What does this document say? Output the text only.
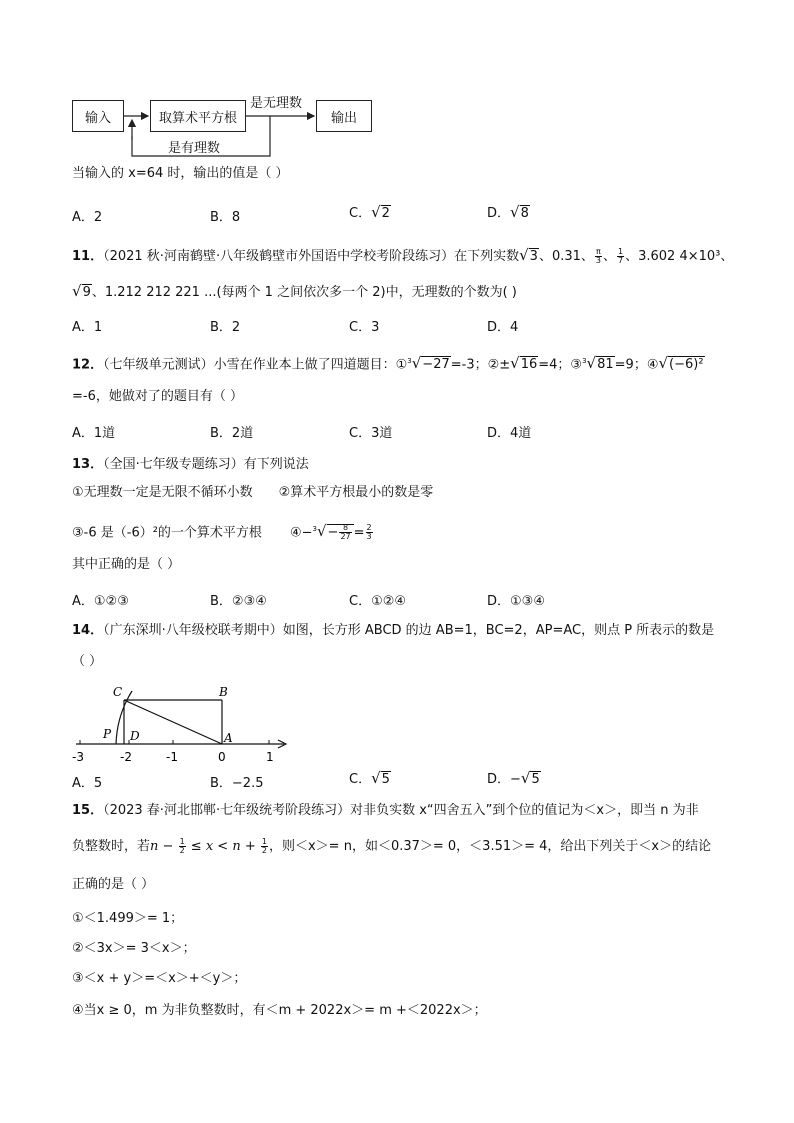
输入	取算术平方根	输出
是无理数
是有理数
当输入的 x=64 时，输出的值是（ ）
A．2	B．8	C．√2	D．√8
11．（2021 秋·河南鹤壁·八年级鹤壁市外国语中学校考阶段练习）在下列实数√3、0.31、 $\frac{\pi}{3}$ 、 $\frac{1}{7}$ 、3.602 4×10³、
√9、1.212 212 221 ...(每两个 1 之间依次多一个 2)中，无理数的个数为( )
A．1	B．2	C．3	D．4
12．（七年级单元测试）小雪在作业本上做了四道题目：①$^3$√−27=-3；②±√16=4；③$^3$√81=9；④√(−6)²
=-6，她做对了的题目有（ ）
A．1道	B．2道	C．3道	D．4道
13．（全国·七年级专题练习）有下列说法
①无理数一定是无限不循环小数 ②算术平方根最小的数是零
③-6 是（-6）²的一个算术平方根 ④−$^3$√− $\frac{8}{27} = \frac{2}{3}$
其中正确的是（ ）
A．①②③	B．②③④	C．①②④	D．①③④
14．（广东深圳·八年级校联考期中）如图，长方形 ABCD 的边 AB=1，BC=2，AP=AC，则点 P 所表示的数是
（ ）
C	B
P D	A
-3	-2	-1	0	1
A．5	B．−2.5	C．√5	D．−√5
15．（2023 春·河北邯郸·七年级统考阶段练习）对非负实数 x“四舍五入”到个位的值记为＜x＞，即当 n 为非
负整数时，若$n - \frac{1}{2} \le x < n + \frac{1}{2}$ ，则＜x＞= n，如＜0.37＞= 0，＜3.51＞= 4，给出下列关于＜x＞的结论
正确的是（ ）
①＜1.499＞= 1；
②＜3x＞= 3＜x＞；
③＜x + y＞=＜x＞+＜y＞；
④当x ≥ 0，m 为非负整数时，有＜m + 2022x＞= m +＜2022x＞；
